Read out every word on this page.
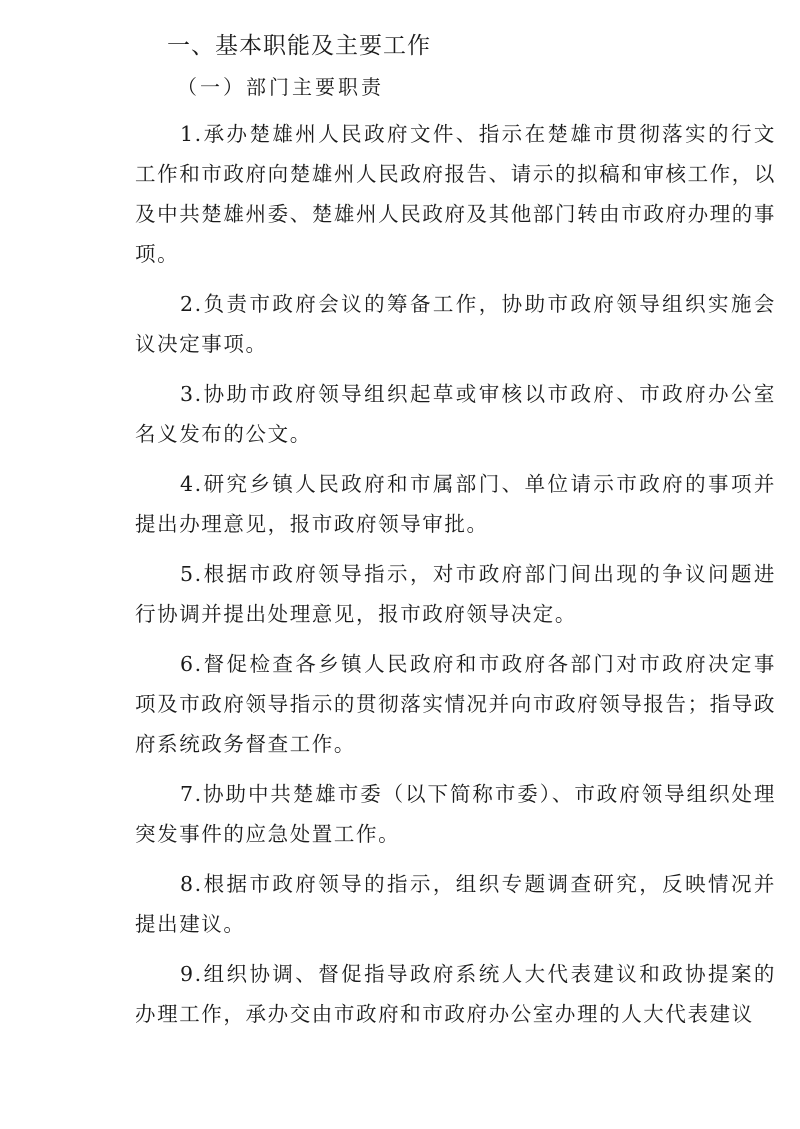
一、基本职能及主要工作
（一）部门主要职责

1.承办楚雄州人民政府文件、指示在楚雄市贯彻落实的行文工作和市政府向楚雄州人民政府报告、请示的拟稿和审核工作，以及中共楚雄州委、楚雄州人民政府及其他部门转由市政府办理的事项。

2.负责市政府会议的筹备工作，协助市政府领导组织实施会议决定事项。

3.协助市政府领导组织起草或审核以市政府、市政府办公室名义发布的公文。

4.研究乡镇人民政府和市属部门、单位请示市政府的事项并提出办理意见，报市政府领导审批。

5.根据市政府领导指示，对市政府部门间出现的争议问题进行协调并提出处理意见，报市政府领导决定。

6.督促检查各乡镇人民政府和市政府各部门对市政府决定事项及市政府领导指示的贯彻落实情况并向市政府领导报告；指导政府系统政务督查工作。

7.协助中共楚雄市委（以下简称市委）、市政府领导组织处理突发事件的应急处置工作。

8.根据市政府领导的指示，组织专题调查研究，反映情况并提出建议。

9.组织协调、督促指导政府系统人大代表建议和政协提案的办理工作，承办交由市政府和市政府办公室办理的人大代表建议
